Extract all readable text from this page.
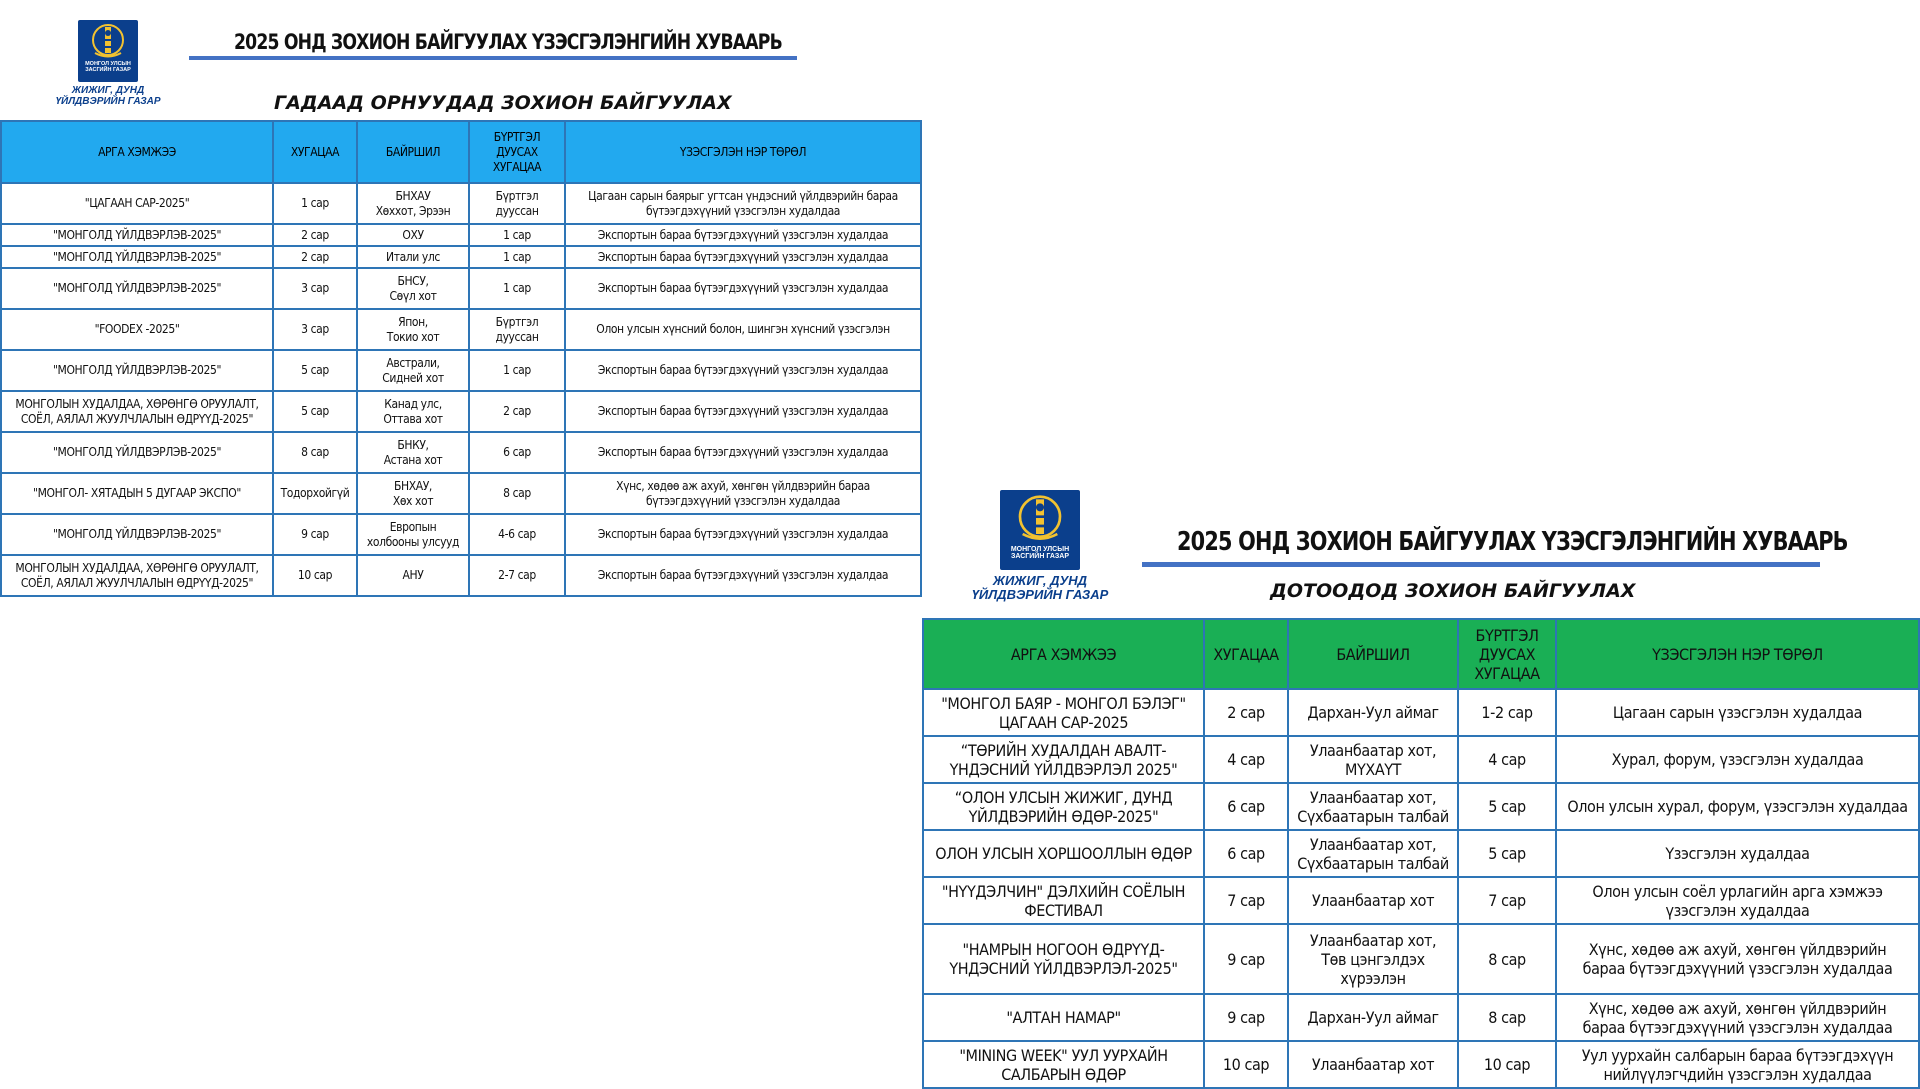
МОНГОЛ УЛСЫН
ЗАСГИЙН ГАЗАР
ЖИЖИГ, ДУНД
ҮЙЛДВЭРИЙН ГАЗАР
2025 ОНД ЗОХИОН БАЙГУУЛАХ ҮЗЭСГЭЛЭНГИЙН ХУВААРЬ
ГАДААД ОРНУУДАД ЗОХИОН БАЙГУУЛАХ
АРГА ХЭМЖЭЭ	ХУГАЦАА	БАЙРШИЛ	БҮРТГЭЛ
ДУУСАХ
ХУГАЦАА	ҮЗЭСГЭЛЭН НЭР ТӨРӨЛ
"ЦАГААН САР-2025"	1 сар	БНХАУ
Хөххот, Эрээн	Бүртгэл
дууссан	Цагаан сарын баярыг угтсан үндэсний үйлдвэрийн бараа
бүтээгдэхүүний үзэсгэлэн худалдаа
"МОНГОЛД ҮЙЛДВЭРЛЭВ-2025"	2 сар	ОХУ	1 сар	Экспортын бараа бүтээгдэхүүний үзэсгэлэн худалдаа
"МОНГОЛД ҮЙЛДВЭРЛЭВ-2025"	2 сар	Итали улс	1 сар	Экспортын бараа бүтээгдэхүүний үзэсгэлэн худалдаа
"МОНГОЛД ҮЙЛДВЭРЛЭВ-2025"	3 сар	БНСУ,
Сөүл хот	1 сар	Экспортын бараа бүтээгдэхүүний үзэсгэлэн худалдаа
"FOODEX -2025"	3 сар	Япон,
Токио хот	Бүртгэл
дууссан	Олон улсын хүнсний болон, шингэн хүнсний үзэсгэлэн
"МОНГОЛД ҮЙЛДВЭРЛЭВ-2025"	5 сар	Австрали,
Сидней хот	1 сар	Экспортын бараа бүтээгдэхүүний үзэсгэлэн худалдаа
МОНГОЛЫН ХУДАЛДАА, ХӨРӨНГӨ ОРУУЛАЛТ,
СОЁЛ, АЯЛАЛ ЖУУЛЧЛАЛЫН ӨДРҮҮД-2025"	5 сар	Канад улс,
Оттава хот	2 сар	Экспортын бараа бүтээгдэхүүний үзэсгэлэн худалдаа
"МОНГОЛД ҮЙЛДВЭРЛЭВ-2025"	8 сар	БНКУ,
Астана хот	6 сар	Экспортын бараа бүтээгдэхүүний үзэсгэлэн худалдаа
"МОНГОЛ- ХЯТАДЫН 5 ДУГААР ЭКСПО"	Тодорхойгүй	БНХАУ,
Хөх хот	8 сар	Хүнс, хөдөө аж ахуй, хөнгөн үйлдвэрийн бараа
бүтээгдэхүүний үзэсгэлэн худалдаа
"МОНГОЛД ҮЙЛДВЭРЛЭВ-2025"	9 сар	Европын
холбооны улсууд	4-6 сар	Экспортын бараа бүтээгдэхүүний үзэсгэлэн худалдаа
МОНГОЛЫН ХУДАЛДАА, ХӨРӨНГӨ ОРУУЛАЛТ,
СОЁЛ, АЯЛАЛ ЖУУЛЧЛАЛЫН ӨДРҮҮД-2025"	10 сар	АНУ	2-7 сар	Экспортын бараа бүтээгдэхүүний үзэсгэлэн худалдаа
МОНГОЛ УЛСЫН
ЗАСГИЙН ГАЗАР
ЖИЖИГ, ДУНД
ҮЙЛДВЭРИЙН ГАЗАР
2025 ОНД ЗОХИОН БАЙГУУЛАХ ҮЗЭСГЭЛЭНГИЙН ХУВААРЬ
ДОТООДОД ЗОХИОН БАЙГУУЛАХ
АРГА ХЭМЖЭЭ	ХУГАЦАА	БАЙРШИЛ	БҮРТГЭЛ
ДУУСАХ
ХУГАЦАА	ҮЗЭСГЭЛЭН НЭР ТӨРӨЛ
"МОНГОЛ БАЯР - МОНГОЛ БЭЛЭГ"
ЦАГААН САР-2025	2 сар	Дархан-Уул аймаг	1-2 сар	Цагаан сарын үзэсгэлэн худалдаа
“ТӨРИЙН ХУДАЛДАН АВАЛТ-
ҮНДЭСНИЙ ҮЙЛДВЭРЛЭЛ 2025"	4 сар	Улаанбаатар хот,
МҮХАҮТ	4 сар	Хурал, форум, үзэсгэлэн худалдаа
“ОЛОН УЛСЫН ЖИЖИГ, ДУНД
ҮЙЛДВЭРИЙН ӨДӨР-2025"	6 сар	Улаанбаатар хот,
Сүхбаатарын талбай	5 сар	Олон улсын хурал, форум, үзэсгэлэн худалдаа
ОЛОН УЛСЫН ХОРШООЛЛЫН ӨДӨР	6 сар	Улаанбаатар хот,
Сүхбаатарын талбай	5 сар	Үзэсгэлэн худалдаа
"НҮҮДЭЛЧИН" ДЭЛХИЙН СОЁЛЫН
ФЕСТИВАЛ	7 сар	Улаанбаатар хот	7 сар	Олон улсын соёл урлагийн арга хэмжээ
үзэсгэлэн худалдаа
"НАМРЫН НОГООН ӨДРҮҮД-
ҮНДЭСНИЙ ҮЙЛДВЭРЛЭЛ-2025"	9 сар	Улаанбаатар хот,
Төв цэнгэлдэх
хүрээлэн	8 сар	Хүнс, хөдөө аж ахуй, хөнгөн үйлдвэрийн
бараа бүтээгдэхүүний үзэсгэлэн худалдаа
"АЛТАН НАМАР"	9 сар	Дархан-Уул аймаг	8 сар	Хүнс, хөдөө аж ахуй, хөнгөн үйлдвэрийн
бараа бүтээгдэхүүний үзэсгэлэн худалдаа
"MINING WEEK" УУЛ УУРХАЙН
САЛБАРЫН ӨДӨР	10 сар	Улаанбаатар хот	10 сар	Уул уурхайн салбарын бараа бүтээгдэхүүн
нийлүүлэгчдийн үзэсгэлэн худалдаа
